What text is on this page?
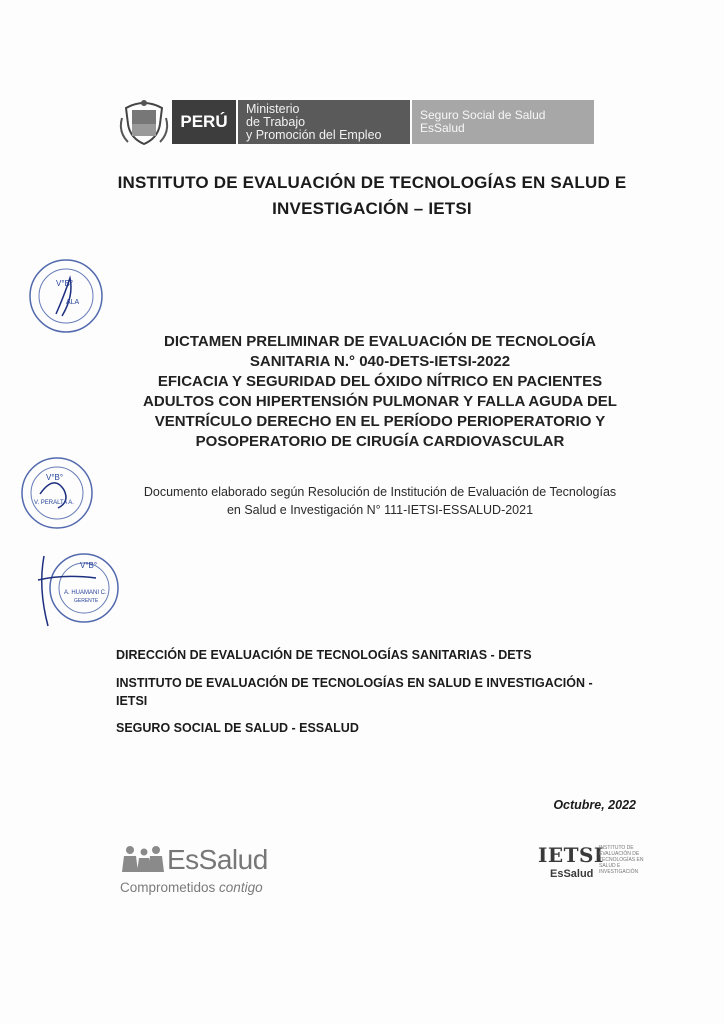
PERÚ
Ministerio
de Trabajo
y Promoción del Empleo
Seguro Social de Salud
EsSalud
INSTITUTO DE EVALUACIÓN DE TECNOLOGÍAS EN SALUD E
INVESTIGACIÓN – IETSI
V°B°
ALA
V°B°
V. PERALTA A.
V°B°
A. HUAMANI C.
GERENTE
DICTAMEN PRELIMINAR DE EVALUACIÓN DE TECNOLOGÍA
SANITARIA N.° 040-DETS-IETSI-2022
EFICACIA Y SEGURIDAD DEL ÓXIDO NÍTRICO EN PACIENTES
ADULTOS CON HIPERTENSIÓN PULMONAR Y FALLA AGUDA DEL
VENTRÍCULO DERECHO EN EL PERÍODO PERIOPERATORIO Y
POSOPERATORIO DE CIRUGÍA CARDIOVASCULAR
Documento elaborado según Resolución de Institución de Evaluación de Tecnologías
en Salud e Investigación N° 111-IETSI-ESSALUD-2021
DIRECCIÓN DE EVALUACIÓN DE TECNOLOGÍAS SANITARIAS - DETS
INSTITUTO DE EVALUACIÓN DE TECNOLOGÍAS EN SALUD E INVESTIGACIÓN -
IETSI
SEGURO SOCIAL DE SALUD - ESSALUD
Octubre, 2022
EsSalud
Comprometidos contigo
IETSI
EsSalud
INSTITUTO DE
EVALUACIÓN DE
TECNOLOGÍAS EN
SALUD E
INVESTIGACIÓN
